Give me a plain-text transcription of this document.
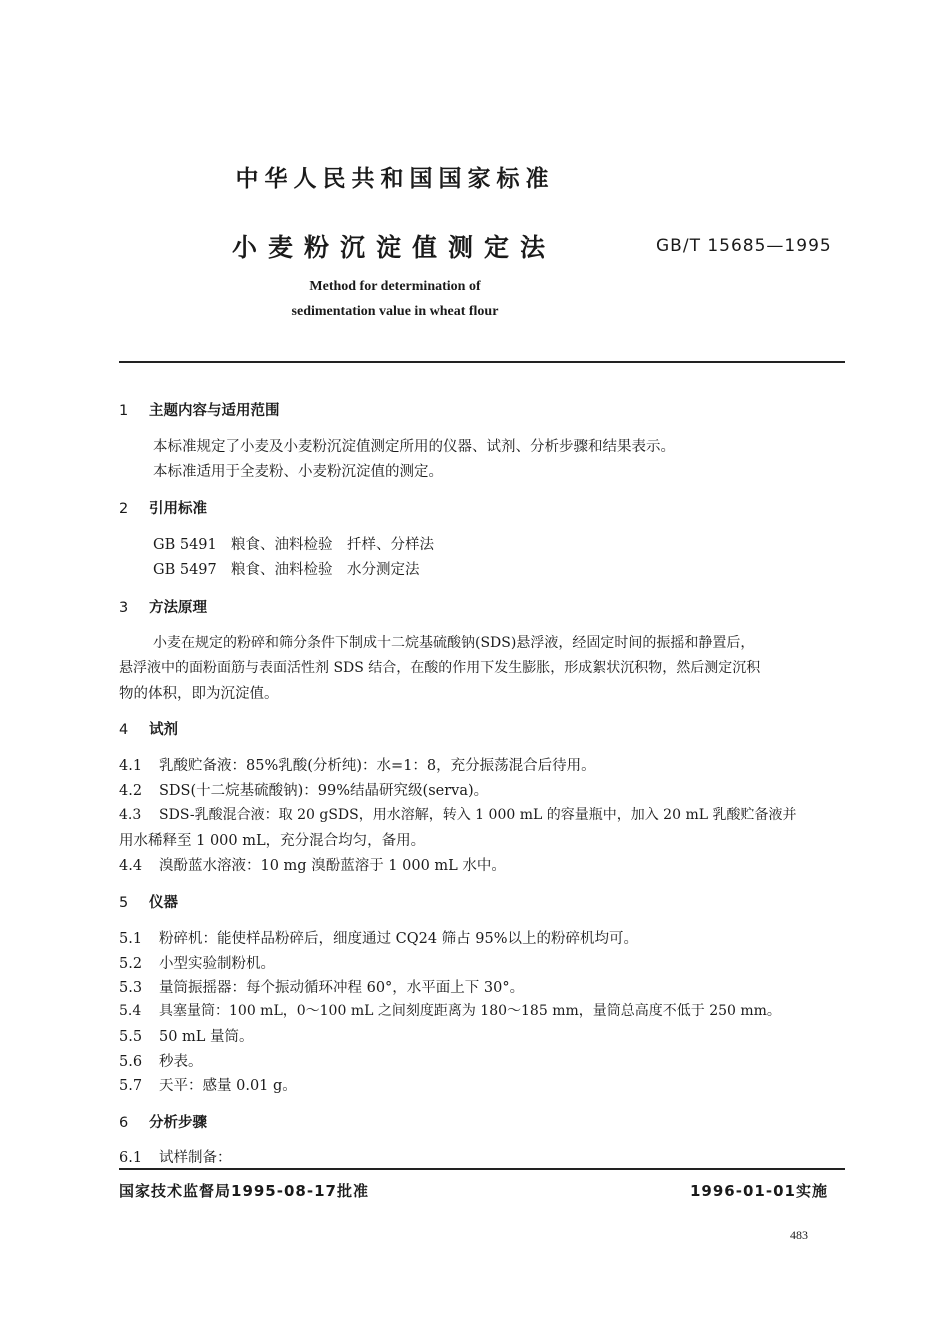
中华人民共和国国家标准
小麦粉沉淀值测定法	GB/T 15685—1995
Method for determination of
sedimentation value in wheat flour
1 主题内容与适用范围
本标准规定了小麦及小麦粉沉淀值测定所用的仪器、试剂、分析步骤和结果表示。
本标准适用于全麦粉、小麦粉沉淀值的测定。
2 引用标准
GB 5491 粮食、油料检验　扦样、分样法
GB 5497 粮食、油料检验　水分测定法
3 方法原理
小麦在规定的粉碎和筛分条件下制成十二烷基硫酸钠(SDS)悬浮液，经固定时间的振摇和静置后，
悬浮液中的面粉面筋与表面活性剂 SDS 结合，在酸的作用下发生膨胀，形成絮状沉积物，然后测定沉积
物的体积，即为沉淀值。
4 试剂
4.1 乳酸贮备液：85%乳酸(分析纯)：水=1：8，充分振荡混合后待用。
4.2 SDS(十二烷基硫酸钠)：99%结晶研究级(serva)。
4.3 SDS-乳酸混合液：取 20 gSDS，用水溶解，转入 1 000 mL 的容量瓶中，加入 20 mL 乳酸贮备液并
用水稀释至 1 000 mL，充分混合均匀，备用。
4.4 溴酚蓝水溶液：10 mg 溴酚蓝溶于 1 000 mL 水中。
5 仪器
5.1 粉碎机：能使样品粉碎后，细度通过 CQ24 筛占 95%以上的粉碎机均可。
5.2 小型实验制粉机。
5.3 量筒振摇器：每个振动循环冲程 60°，水平面上下 30°。
5.4 具塞量筒：100 mL，0～100 mL 之间刻度距离为 180～185 mm，量筒总高度不低于 250 mm。
5.5 50 mL 量筒。
5.6 秒表。
5.7 天平：感量 0.01 g。
6 分析步骤
6.1 试样制备：
国家技术监督局1995-08-17批准	1996-01-01实施
483
